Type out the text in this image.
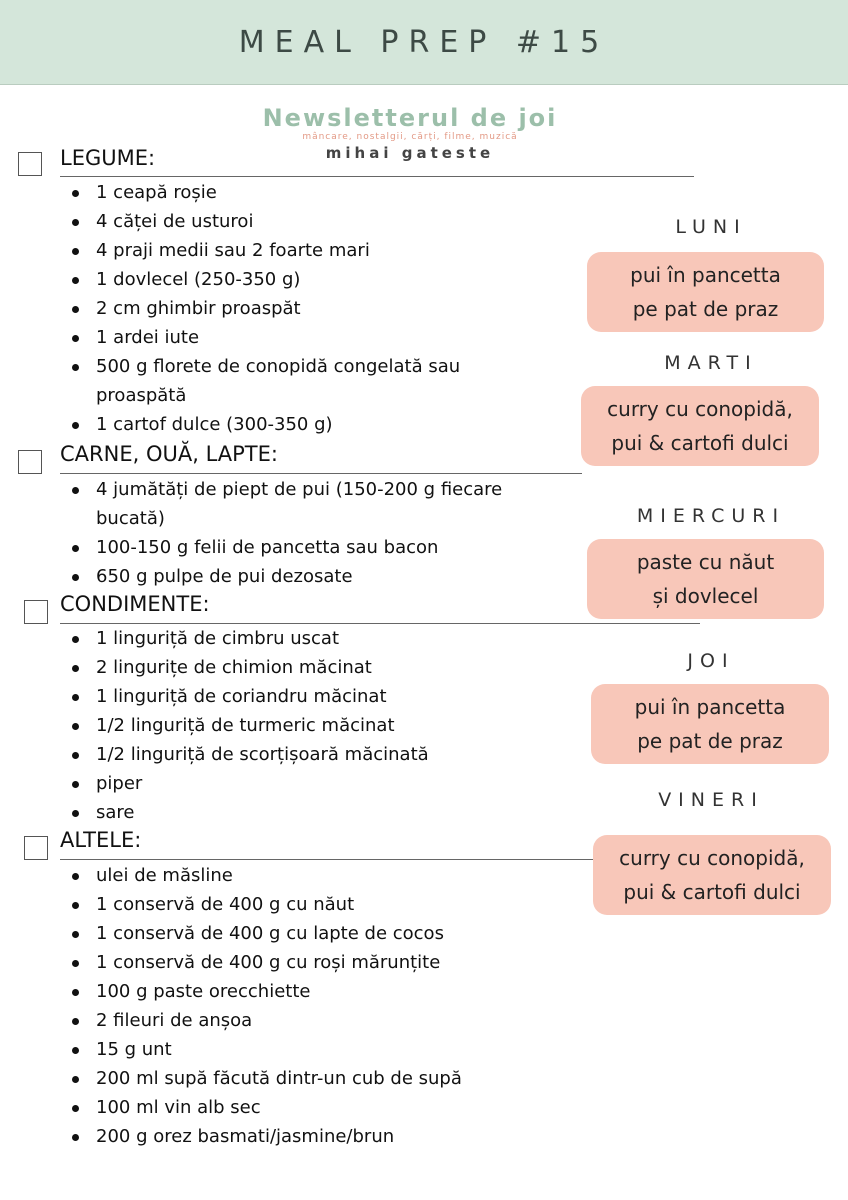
MEAL PREP #15
Newsletterul de joi
mâncare, nostalgii, cărți, filme, muzică
mihai gateste
LEGUME:
1 ceapă roșie
4 căței de usturoi
4 praji medii sau 2 foarte mari
1 dovlecel (250-350 g)
2 cm ghimbir proaspăt
1 ardei iute
500 g florete de conopidă congelată sau proaspătă
1 cartof dulce (300-350 g)
CARNE, OUĂ, LAPTE:
4 jumătăți de piept de pui (150-200 g fiecare bucată)
100-150 g felii de pancetta sau bacon
650 g pulpe de pui dezosate
CONDIMENTE:
1 linguriță de cimbru uscat
2 lingurițe de chimion măcinat
1 linguriță de coriandru măcinat
1/2 linguriță de turmeric măcinat
1/2 linguriță de scorțișoară măcinată
piper
sare
ALTELE:
ulei de măsline
1 conservă de 400 g cu năut
1 conservă de 400 g cu lapte de cocos
1 conservă de 400 g cu roși mărunțite
100 g paste orecchiette
2 fileuri de anșoa
15 g unt
200 ml supă făcută dintr-un cub de supă
100 ml vin alb sec
200 g orez basmati/jasmine/brun
LUNI
pui în pancetta
pe pat de praz
MARTI
curry cu conopidă,
pui & cartofi dulci
MIERCURI
paste cu năut
și dovlecel
JOI
pui în pancetta
pe pat de praz
VINERI
curry cu conopidă,
pui & cartofi dulci
